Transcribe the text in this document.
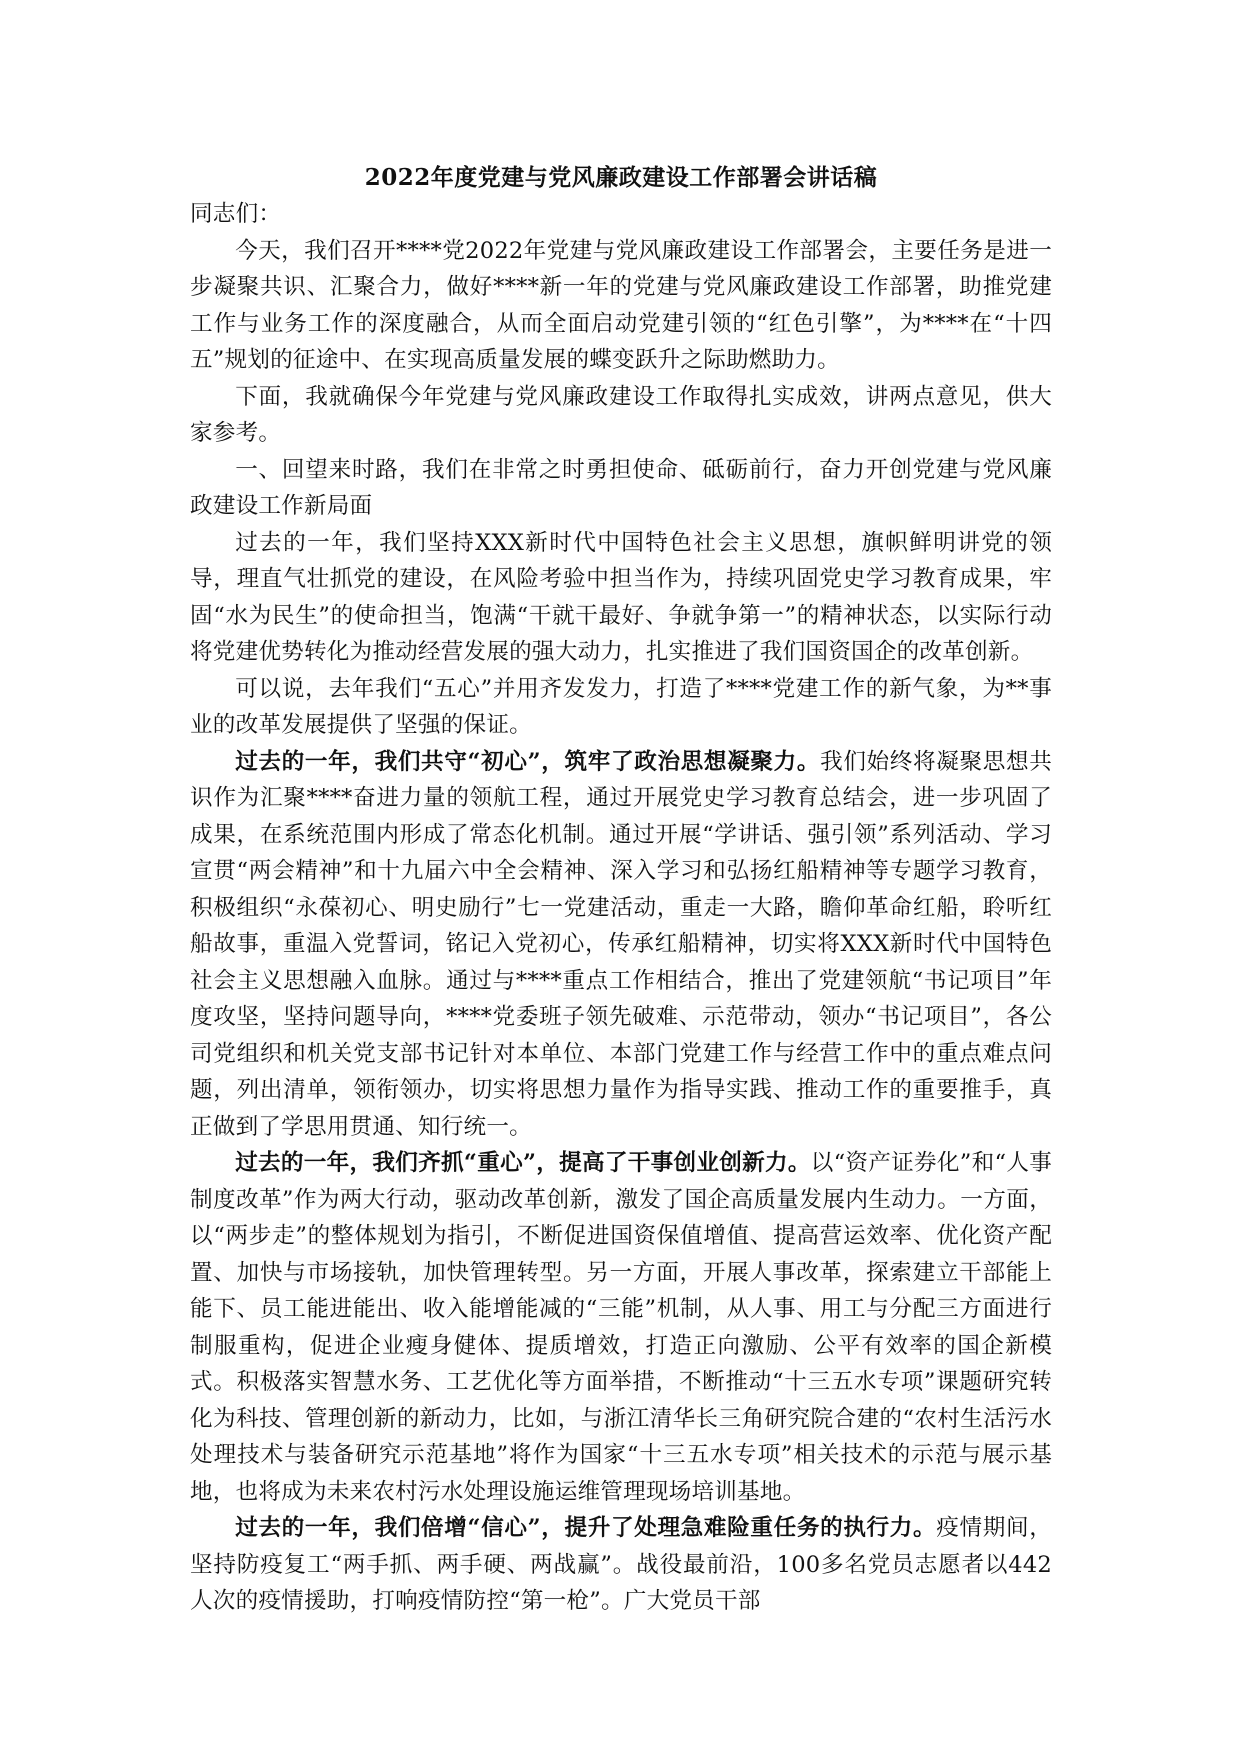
2022年度党建与党风廉政建设工作部署会讲话稿

同志们：

今天，我们召开****党2022年党建与党风廉政建设工作部署会，主要任务是进一步凝聚共识、汇聚合力，做好****新一年的党建与党风廉政建设工作部署，助推党建工作与业务工作的深度融合，从而全面启动党建引领的“红色引擎”，为****在“十四五”规划的征途中、在实现高质量发展的蝶变跃升之际助燃助力。

下面，我就确保今年党建与党风廉政建设工作取得扎实成效，讲两点意见，供大家参考。

一、回望来时路，我们在非常之时勇担使命、砥砺前行，奋力开创党建与党风廉政建设工作新局面

过去的一年，我们坚持XXX新时代中国特色社会主义思想，旗帜鲜明讲党的领导，理直气壮抓党的建设，在风险考验中担当作为，持续巩固党史学习教育成果，牢固“水为民生”的使命担当，饱满“干就干最好、争就争第一”的精神状态，以实际行动将党建优势转化为推动经营发展的强大动力，扎实推进了我们国资国企的改革创新。

可以说，去年我们“五心”并用齐发发力，打造了****党建工作的新气象，为**事业的改革发展提供了坚强的保证。

过去的一年，我们共守“初心”，筑牢了政治思想凝聚力。我们始终将凝聚思想共识作为汇聚****奋进力量的领航工程，通过开展党史学习教育总结会，进一步巩固了成果，在系统范围内形成了常态化机制。通过开展“学讲话、强引领”系列活动、学习宣贯“两会精神”和十九届六中全会精神、深入学习和弘扬红船精神等专题学习教育，积极组织“永葆初心、明史励行”七一党建活动，重走一大路，瞻仰革命红船，聆听红船故事，重温入党誓词，铭记入党初心，传承红船精神，切实将XXX新时代中国特色社会主义思想融入血脉。通过与****重点工作相结合，推出了党建领航“书记项目”年度攻坚，坚持问题导向，****党委班子领先破难、示范带动，领办“书记项目”，各公司党组织和机关党支部书记针对本单位、本部门党建工作与经营工作中的重点难点问题，列出清单，领衔领办，切实将思想力量作为指导实践、推动工作的重要推手，真正做到了学思用贯通、知行统一。

过去的一年，我们齐抓“重心”，提高了干事创业创新力。以“资产证券化”和“人事制度改革”作为两大行动，驱动改革创新，激发了国企高质量发展内生动力。一方面，以“两步走”的整体规划为指引，不断促进国资保值增值、提高营运效率、优化资产配置、加快与市场接轨，加快管理转型。另一方面，开展人事改革，探索建立干部能上能下、员工能进能出、收入能增能减的“三能”机制，从人事、用工与分配三方面进行制服重构，促进企业瘦身健体、提质增效，打造正向激励、公平有效率的国企新模式。积极落实智慧水务、工艺优化等方面举措，不断推动“十三五水专项”课题研究转化为科技、管理创新的新动力，比如，与浙江清华长三角研究院合建的“农村生活污水处理技术与装备研究示范基地”将作为国家“十三五水专项”相关技术的示范与展示基地，也将成为未来农村污水处理设施运维管理现场培训基地。

过去的一年，我们倍增“信心”，提升了处理急难险重任务的执行力。疫情期间，坚持防疫复工“两手抓、两手硬、两战赢”。战役最前沿，100多名党员志愿者以442人次的疫情援助，打响疫情防控“第一枪”。广大党员干部
